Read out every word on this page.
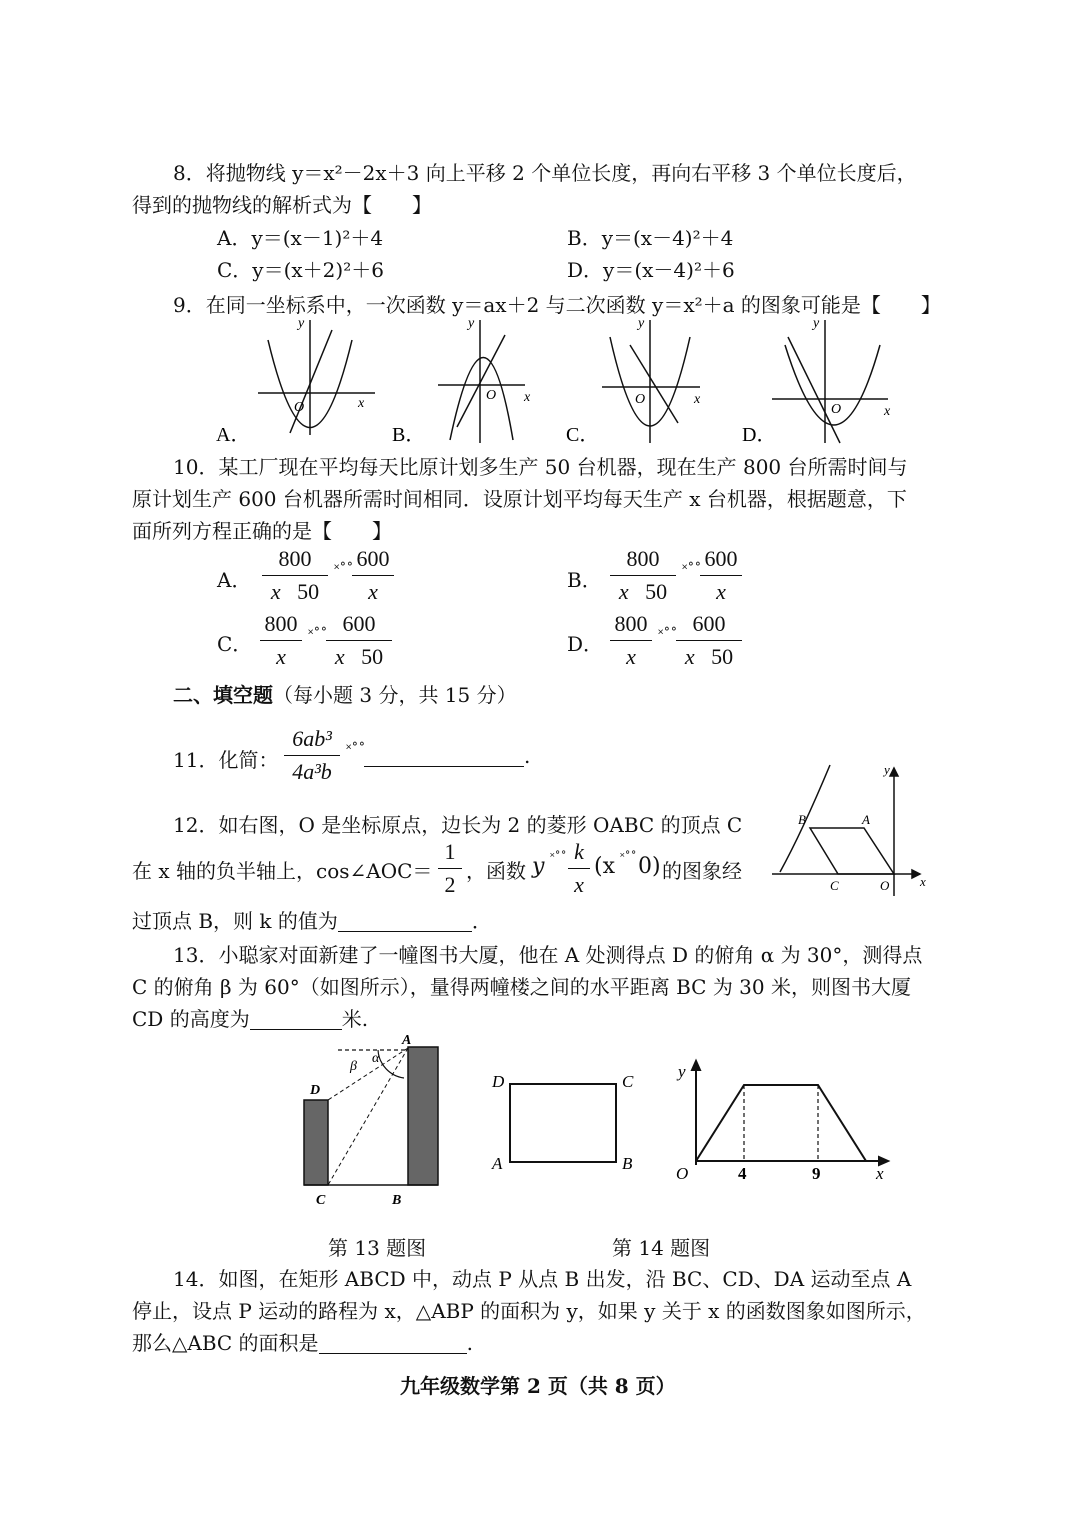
8．将抛物线 y＝x²－2x＋3 向上平移 2 个单位长度，再向右平移 3 个单位长度后，
得到的抛物线的解析式为【　　】
A．y＝(x－1)²＋4	B．y＝(x－4)²＋4
C．y＝(x＋2)²＋6	D．y＝(x－4)²＋6
9．在同一坐标系中，一次函数 y＝ax＋2 与二次函数 y＝x²＋a 的图象可能是【　　】
O	x
y
A．
O x
y
B．
O	x
y
C．
O	x
y
D．
10．某工厂现在平均每天比原计划多生产 50 台机器，现在生产 800 台所需时间与
原计划生产 600 台机器所需时间相同．设原计划平均每天生产 x 台机器，根据题意，下
面所列方程正确的是【　　】
A．
800
x 50
˟˚˚ 600
x	B．
800
x 50
˟˚˚ 600
x
C．
800
x
˟˚˚ 600
x 50	D．
800
x
˟˚˚ 600
x 50
二、填空题（每小题 3 分，共 15 分）
11．化简：
6ab³
4a³b
˟˚˚	.
12．如右图，O 是坐标原点，边长为 2 的菱形 OABC 的顶点 C
在 x 轴的负半轴上，cos∠AOC＝
1
2
，函数 y ˟˚˚ k
x
(x ˟˚˚ 0) 的图象经
过顶点 B，则 k 的值为	．
B	A
C	O x
y
13．小聪家对面新建了一幢图书大厦，他在 A 处测得点 D 的俯角 α 为 30°，测得点
C 的俯角 β 为 60°（如图所示），量得两幢楼之间的水平距离 BC 为 30 米，则图书大厦
CD 的高度为	米.
A
D
C	B
α
β
D	C
A	B
O	4	9	x
y
第 13 题图	第 14 题图
14．如图，在矩形 ABCD 中，动点 P 从点 B 出发，沿 BC、CD、DA 运动至点 A
停止，设点 P 运动的路程为 x，△ABP 的面积为 y，如果 y 关于 x 的函数图象如图所示，
那么△ABC 的面积是	.
九年级数学第 2 页（共 8 页）
